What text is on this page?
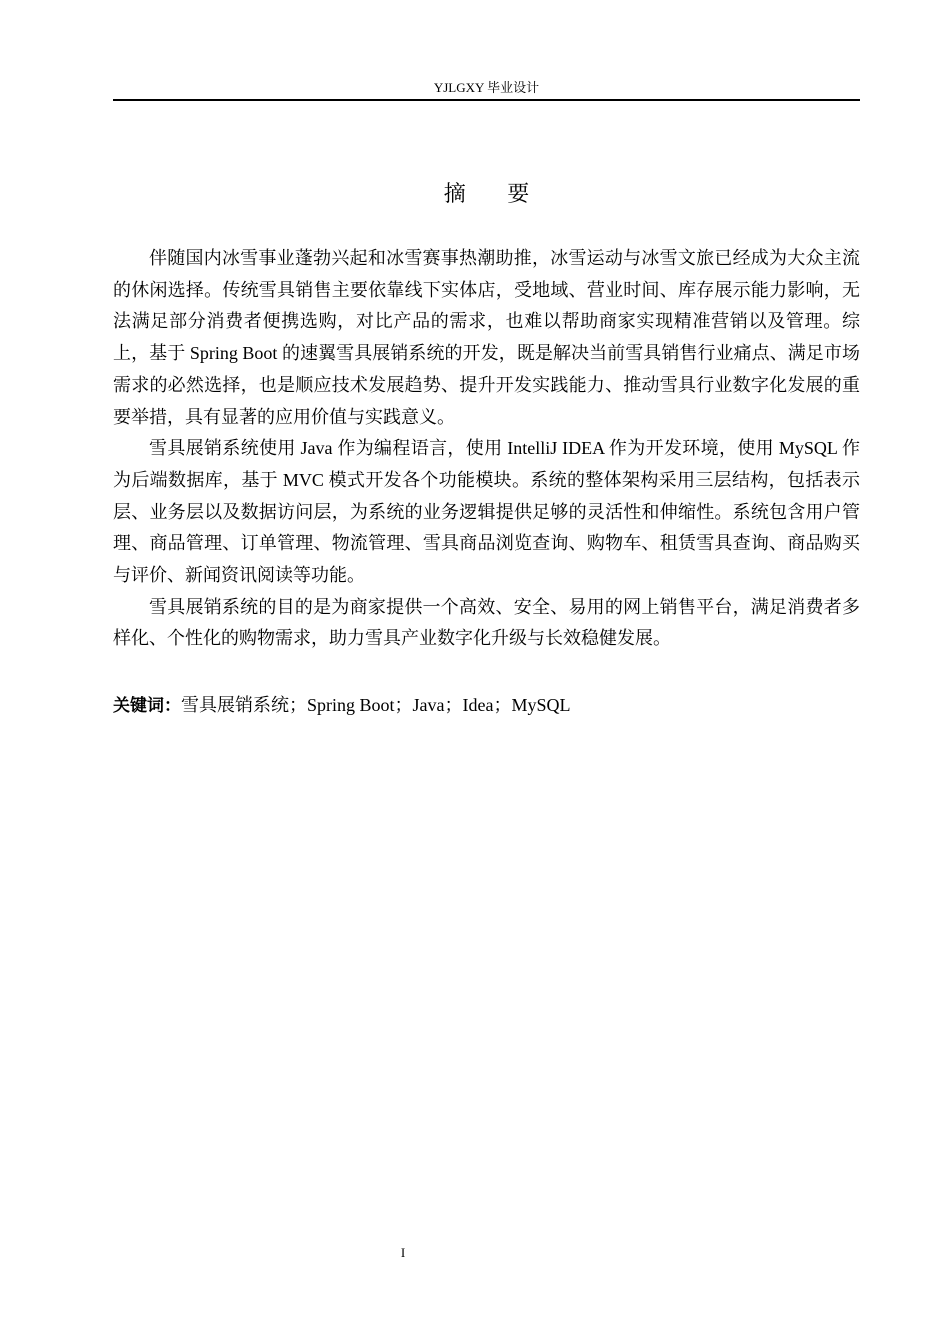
YJLGXY 毕业设计
摘 要

伴随国内冰雪事业蓬勃兴起和冰雪赛事热潮助推，冰雪运动与冰雪文旅已经成为大众主流的休闲选择。传统雪具销售主要依靠线下实体店，受地域、营业时间、库存展示能力影响，无法满足部分消费者便携选购，对比产品的需求，也难以帮助商家实现精准营销以及管理。综上，基于 Spring Boot 的速翼雪具展销系统的开发，既是解决当前雪具销售行业痛点、满足市场需求的必然选择，也是顺应技术发展趋势、提升开发实践能力、推动雪具行业数字化发展的重要举措，具有显著的应用价值与实践意义。

雪具展销系统使用 Java 作为编程语言，使用 IntelliJ IDEA 作为开发环境，使用 MySQL 作为后端数据库，基于 MVC 模式开发各个功能模块。系统的整体架构采用三层结构，包括表示层、业务层以及数据访问层，为系统的业务逻辑提供足够的灵活性和伸缩性。系统包含用户管理、商品管理、订单管理、物流管理、雪具商品浏览查询、购物车、租赁雪具查询、商品购买与评价、新闻资讯阅读等功能。

雪具展销系统的目的是为商家提供一个高效、安全、易用的网上销售平台，满足消费者多样化、个性化的购物需求，助力雪具产业数字化升级与长效稳健发展。

关键词：雪具展销系统；Spring Boot；Java；Idea；MySQL
I
